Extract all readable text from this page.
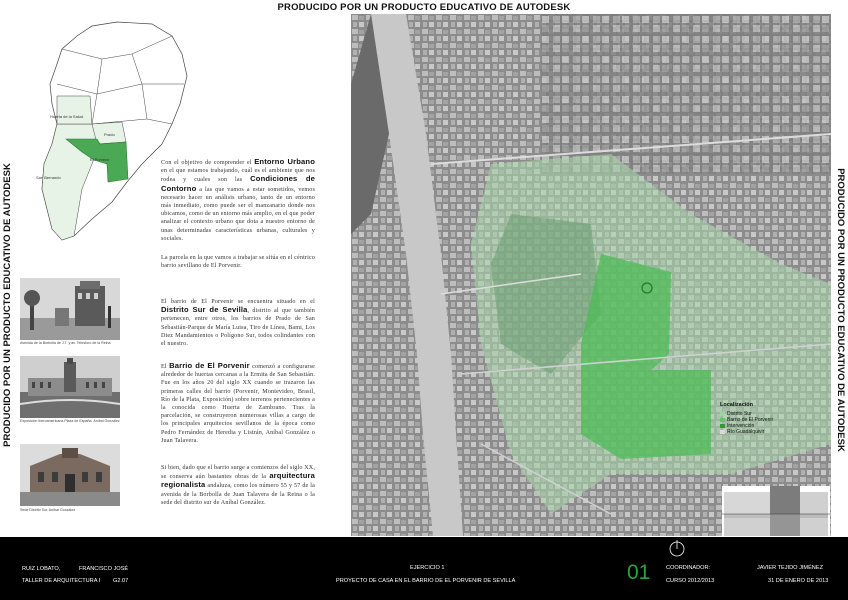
PRODUCIDO POR UN PRODUCTO EDUCATIVO DE AUTODESK
PRODUCIDO POR UN PRODUCTO EDUCATIVO DE AUTODESK	PRODUCIDO POR UN PRODUCTO EDUCATIVO DE AUTODESK
Huerta de la Salud
Prado
El Porvenir
San Bernardo
Con el objetivo de comprender el Entorno Urbano en el que estamos trabajando, cuál es el ambiente que nos rodea y cuales son las Condiciones de Contorno a las que vamos a estar sometidos, vemos necesario hacer un análisis urbano, tanto de un entorno más inmediato, como puede ser el manzanario donde nos ubicamos, como de un entorno más amplio, en el que poder analizar el contexto urbano que dota a nuestro entorno de unas determinadas características urbanas, culturales y sociales.
La parcela en la que vamos a trabajar se sitúa en el céntrico barrio sevillano de El Porvenir.
El barrio de El Porvenir se encuentra situado en el Distrito Sur de Sevilla, distrito al que también pertenecen, entre otros, los barrios de Prado de San Sebastián-Parque de María Luisa, Tiro de Línea, Bami, Los Diez Mandamientos o Polígono Sur, todos colindantes con el nuestro.
El Barrio de El Porvenir comenzó a configurarse alrededor de huertas cercanas a la Ermita de San Sebastián. Fue en los años 20 del siglo XX cuando se trazaron las primeras calles del barrio (Porvenir, Montevideo, Brasil, Río de la Plata, Exposición) sobre terrenos pertenecientes a la conocida como Huerta de Zambrano. Tras la parcelación, se construyeron numerosas villas a cargo de los principales arquitectos sevillanos de la época como Pedro Fernández de Heredia y Listrán, Aníbal González o Juan Talavera.
Si bien, dado que el barrio surge a comienzos del siglo XX, se conserva aún bastantes obras de la arquitectura regionalista andaluza, como los número 55 y 57 de la avenida de la Borbolla de Juan Talavera de la Reina o la sede del distrito sur de Aníbal González.
Avenida de la Borbolla de J.T. y av. Telesforo de la Reina
Exposición Iberoamericana Plaza de España. Aníbal González
Sede Distrito Sur. Aníbal González
Localización
Distrito Sur
Barrio de El Porvenir
Intervención
Río Guadalquivir
RUIZ LOBATO,	FRANCISCO JOSÉ
TALLER DE ARQUITECTURA I G2.07
EJERCICIO 1
PROYECTO DE CASA EN EL BARRIO DE EL PORVENIR DE SEVILLA	01	COORDINADOR:	JAVIER TEJIDO JIMÉNEZ
CURSO 2012/2013	31 DE ENERO DE 2013
